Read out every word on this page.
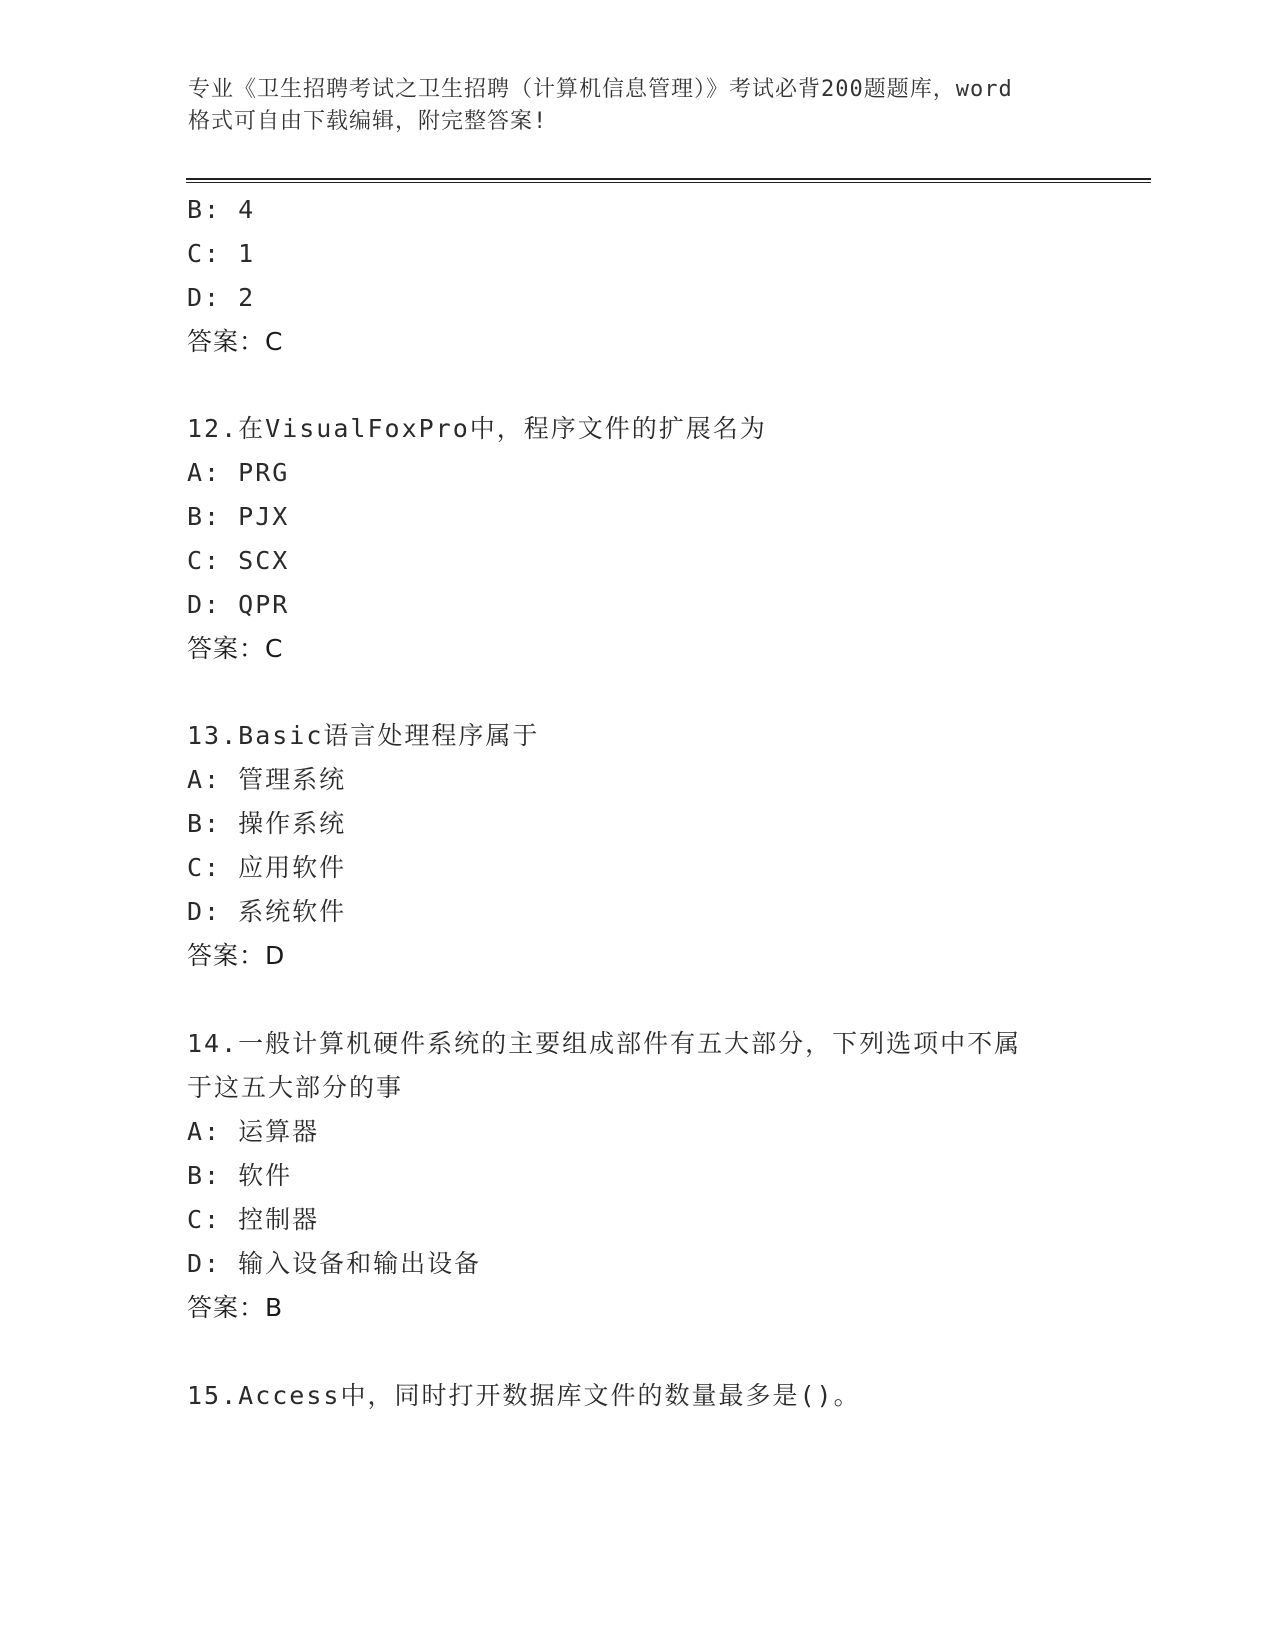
专业《卫生招聘考试之卫生招聘（计算机信息管理）》考试必背200题题库，word
格式可自由下载编辑，附完整答案!
B: 4
C: 1
D: 2
答案：C
12.在VisualFoxPro中，程序文件的扩展名为
A: PRG
B: PJX
C: SCX
D: QPR
答案：C
13.Basic语言处理程序属于
A: 管理系统
B: 操作系统
C: 应用软件
D: 系统软件
答案：D
14.一般计算机硬件系统的主要组成部件有五大部分，下列选项中不属
于这五大部分的事
A: 运算器
B: 软件
C: 控制器
D: 输入设备和输出设备
答案：B
15.Access中，同时打开数据库文件的数量最多是()。
